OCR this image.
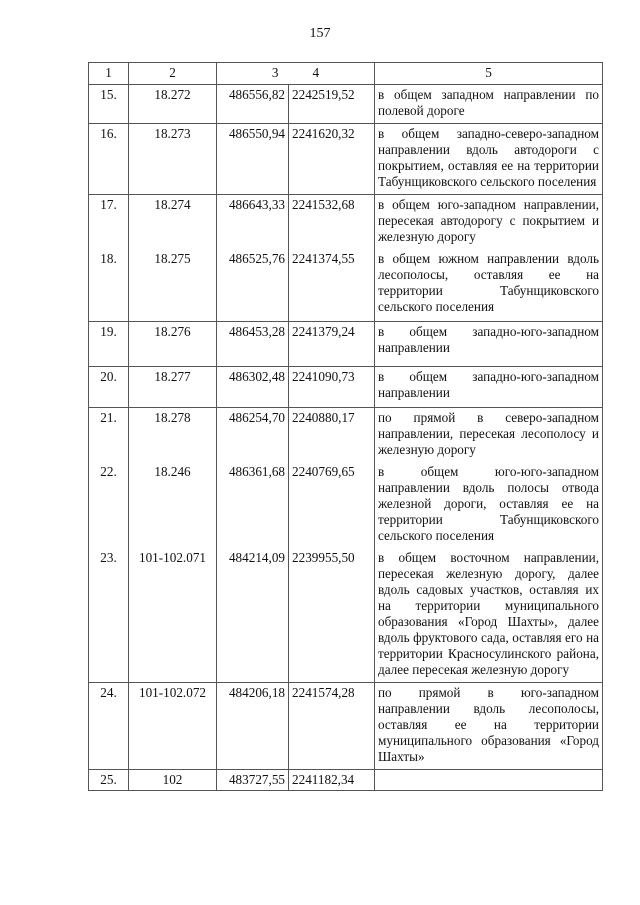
157
1	2	3	4	5
15.	18.272	486556,82	2242519,52	в общем западном направлении по полевой дороге
16.	18.273	486550,94	2241620,32	в общем западно-северо-западном направлении вдоль автодороги с покрытием, оставляя ее на территории Табунщиковского сельского поселения
17.	18.274	486643,33	2241532,68	в общем юго-западном направлении, пересекая автодорогу с покрытием и железную дорогу
18.	18.275	486525,76	2241374,55	в общем южном направлении вдоль лесополосы, оставляя ее на территории Табунщиковского сельского поселения
19.	18.276	486453,28	2241379,24	в общем западно-юго-западном направлении
20.	18.277	486302,48	2241090,73	в общем западно-юго-западном направлении
21.	18.278	486254,70	2240880,17	по прямой в северо-западном направлении, пересекая лесополосу и железную дорогу
22.	18.246	486361,68	2240769,65	в общем юго-юго-западном направлении вдоль полосы отвода железной дороги, оставляя ее на территории Табунщиковского сельского поселения
23.	101-102.071	484214,09	2239955,50	в общем восточном направлении, пересекая железную дорогу, далее вдоль садовых участков, оставляя их на территории муниципального образования «Город Шахты», далее вдоль фруктового сада, оставляя его на территории Красносулинского района, далее пересекая железную дорогу
24.	101-102.072	484206,18	2241574,28	по прямой в юго-западном направлении вдоль лесополосы, оставляя ее на территории муниципального образования «Город Шахты»
25.	102	483727,55	2241182,34	
